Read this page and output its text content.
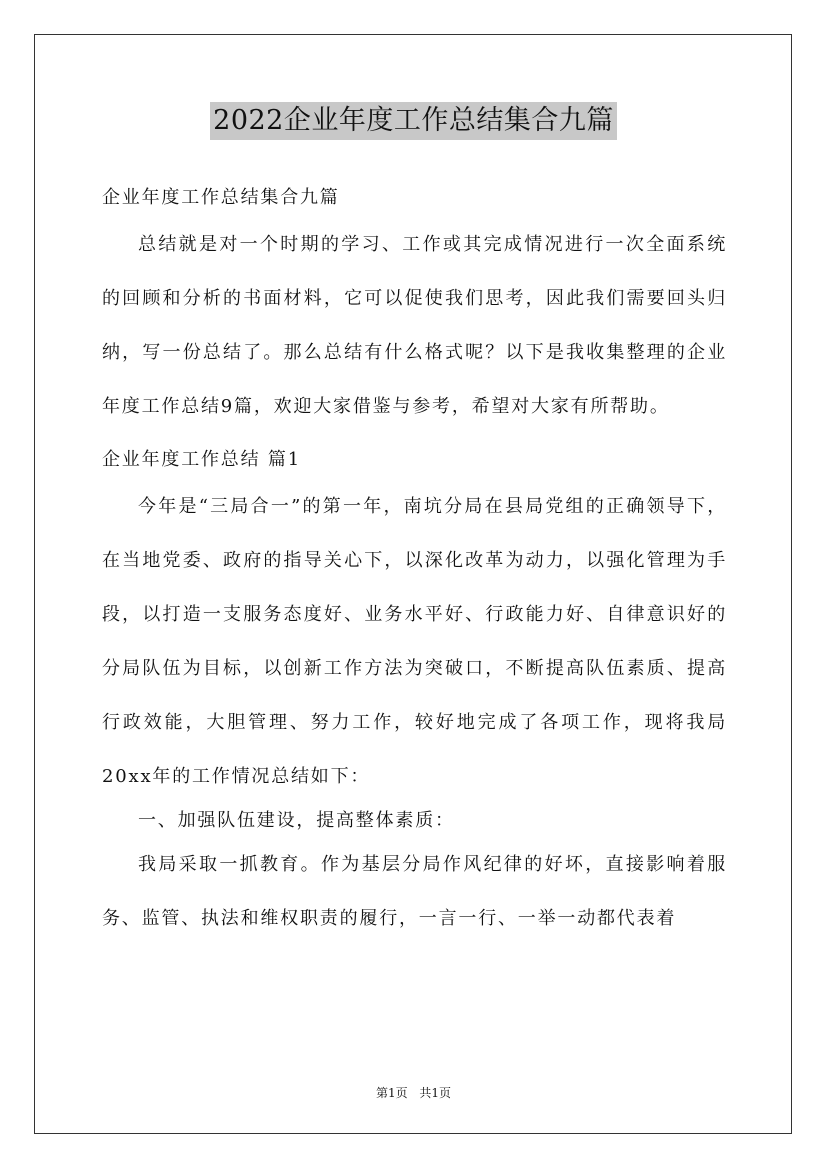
2022企业年度工作总结集合九篇

企业年度工作总结集合九篇

总结就是对一个时期的学习、工作或其完成情况进行一次全面系统的回顾和分析的书面材料，它可以促使我们思考，因此我们需要回头归纳，写一份总结了。那么总结有什么格式呢？以下是我收集整理的企业年度工作总结9篇，欢迎大家借鉴与参考，希望对大家有所帮助。

企业年度工作总结 篇1

今年是“三局合一”的第一年，南坑分局在县局党组的正确领导下，在当地党委、政府的指导关心下，以深化改革为动力，以强化管理为手段，以打造一支服务态度好、业务水平好、行政能力好、自律意识好的分局队伍为目标，以创新工作方法为突破口，不断提高队伍素质、提高行政效能，大胆管理、努力工作，较好地完成了各项工作，现将我局20xx年的工作情况总结如下：

一、加强队伍建设，提高整体素质：

我局采取一抓教育。作为基层分局作风纪律的好坏，直接影响着服务、监管、执法和维权职责的履行，一言一行、一举一动都代表着

第1页 共1页
